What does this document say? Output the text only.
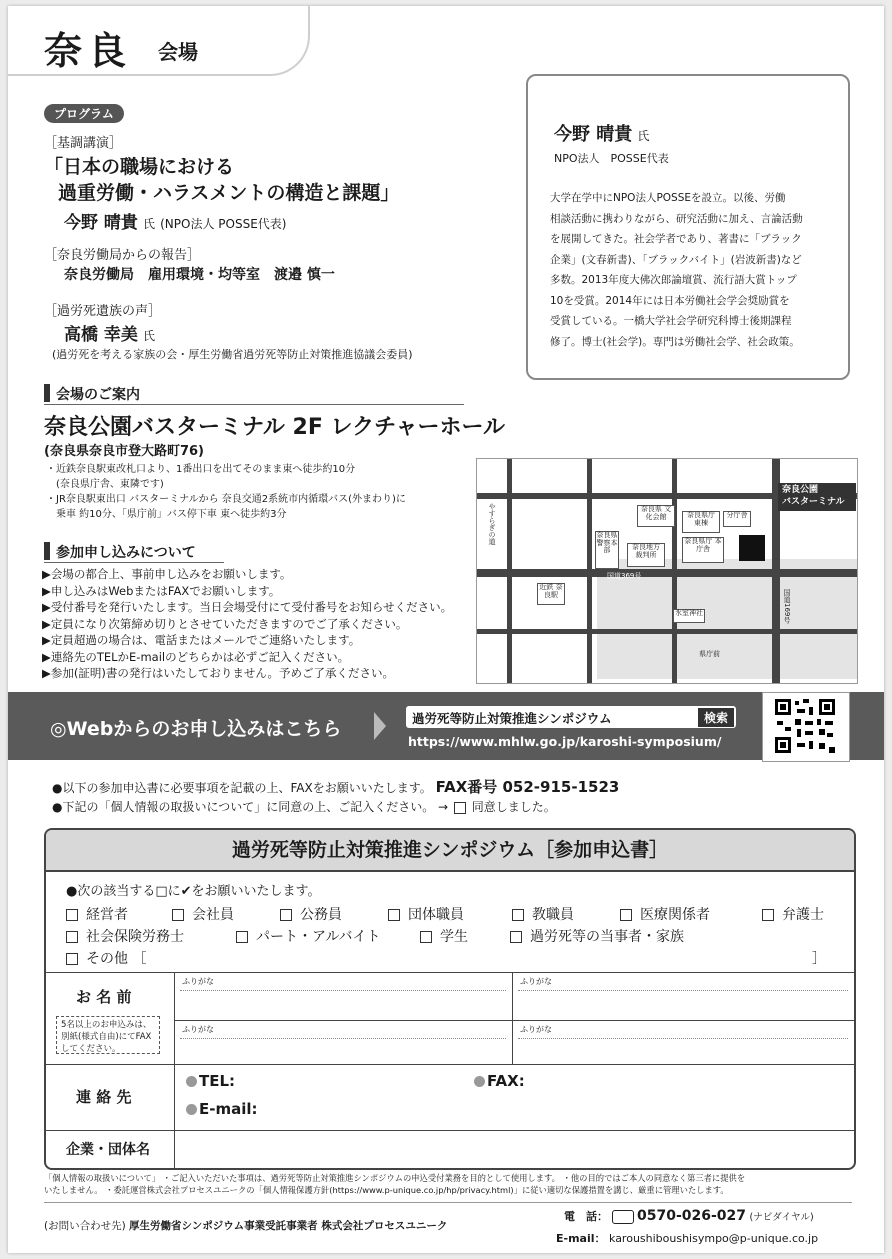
奈良 会場
プログラム
［基調講演］
「日本の職場における
過重労働・ハラスメントの構造と課題」
今野 晴貴 氏 (NPO法人 POSSE代表)
［奈良労働局からの報告］
奈良労働局　雇用環境・均等室　渡邉 慎一
［過労死遺族の声］
高橋 幸美 氏
(過労死を考える家族の会・厚生労働省過労死等防止対策推進協議会委員)
今野 晴貴 氏
NPO法人　POSSE代表
大学在学中にNPO法人POSSEを設立。以後、労働
相談活動に携わりながら、研究活動に加え、言論活動
を展開してきた。社会学者であり、著書に「ブラック
企業」(文春新書)、「ブラックバイト」(岩波新書)など
多数。2013年度大佛次郎論壇賞、流行語大賞トップ
10を受賞。2014年には日本労働社会学会奨励賞を
受賞している。一橋大学社会学研究科博士後期課程
修了。博士(社会学)。専門は労働社会学、社会政策。
会場のご案内
奈良公園バスターミナル 2F レクチャーホール
(奈良県奈良市登大路町76)
・近鉄奈良駅東改札口より、1番出口を出てそのまま東へ徒歩約10分
　(奈良県庁舎、東隣です)
・JR奈良駅東出口 バスターミナルから 奈良交通2系統市内循環バス(外まわり)に
　乗車 約10分、「県庁前」バス停下車 東へ徒歩約3分
参加申し込みについて
▶会場の都合上、事前申し込みをお願いします。
▶申し込みはWebまたはFAXでお願いします。
▶受付番号を発行いたします。当日会場受付にて受付番号をお知らせください。
▶定員になり次第締め切りとさせていただきますのでご了承ください。
▶定員超過の場合は、電話またはメールでご連絡いたします。
▶連絡先のTELかE-mailのどちらかは必ずご記入ください。
▶参加(証明)書の発行はいたしておりません。予めご了承ください。
奈良県 文化会館	奈良県庁 東棟
分庁舎
奈良県庁 本庁舎
奈良地方 裁判所
奈良県 警察本部
近鉄 奈良駅
氷室神社
奈良公園
バスターミナル
国道369号
国道169号
やすらぎの道
県庁前
◎Webからのお申し込みはこちら	過労死等防止対策推進シンポジウム	検索
https://www.mhlw.go.jp/karoshi-symposium/
●以下の参加申込書に必要事項を記載の上、FAXをお願いいたします。 FAX番号 052-915-1523
●下記の「個人情報の取扱いについて」に同意の上、ご記入ください。 → 同意しました。
過労死等防止対策推進シンポジウム［参加申込書］
●次の該当する□に✔をお願いいたします。
経営者	会社員	公務員	団体職員	教職員	医療関係者	弁護士
社会保険労務士	パート・アルバイト	学生	過労死等の当事者・家族
その他 ［	］
お 名 前
5名以上のお申込みは、別紙(様式自由)にてFAXしてください。
ふりがな	ふりがな
ふりがな	ふりがな
連 絡 先
TEL:	FAX:
E-mail:
企業・団体名
「個人情報の取扱いについて」 ・ご記入いただいた事項は、過労死等防止対策推進シンポジウムの申込受付業務を目的として使用します。 ・他の目的ではご本人の同意なく第三者に提供を
いたしません。 ・委託運営株式会社プロセスユニークの「個人情報保護方針(https://www.p-unique.co.jp/hp/privacy.html)」に従い適切な保護措置を講じ、厳重に管理いたします。
(お問い合わせ先) 厚生労働省シンポジウム事業受託事業者 株式会社プロセスユニーク
電　話： 0570-026-027 (ナビダイヤル)
E-mail： karoushiboushisympo@p-unique.co.jp
